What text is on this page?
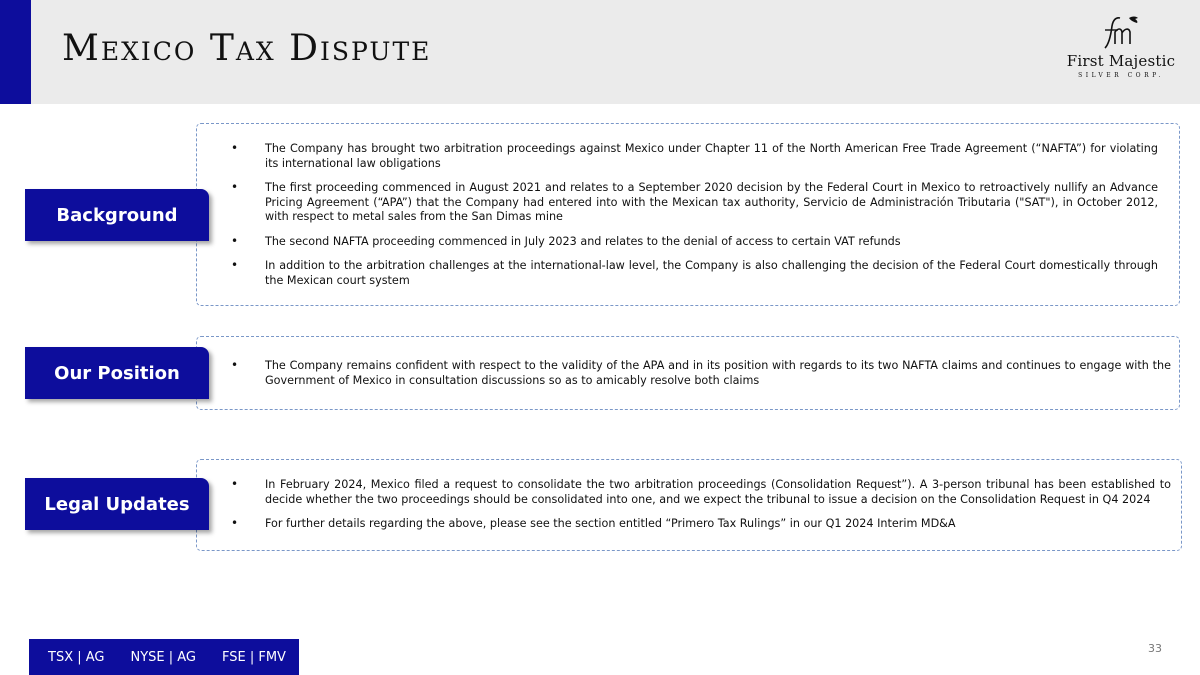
Mexico Tax Dispute	First Majestic
SILVER CORP.
• The Company has brought two arbitration proceedings against Mexico under Chapter 11 of the North American Free Trade Agreement (“NAFTA”) for violating its international law obligations
• The first proceeding commenced in August 2021 and relates to a September 2020 decision by the Federal Court in Mexico to retroactively nullify an Advance Pricing Agreement (“APA”) that the Company had entered into with the Mexican tax authority, Servicio de Administración Tributaria ("SAT"), in October 2012, with respect to metal sales from the San Dimas mine
• The second NAFTA proceeding commenced in July 2023 and relates to the denial of access to certain VAT refunds
• In addition to the arbitration challenges at the international-law level, the Company is also challenging the decision of the Federal Court domestically through the Mexican court system
Background
• The Company remains confident with respect to the validity of the APA and in its position with regards to its two NAFTA claims and continues to engage with the Government of Mexico in consultation discussions so as to amicably resolve both claims
Our Position
• In February 2024, Mexico filed a request to consolidate the two arbitration proceedings (Consolidation Request”). A 3-person tribunal has been established to decide whether the two proceedings should be consolidated into one, and we expect the tribunal to issue a decision on the Consolidation Request in Q4 2024
• For further details regarding the above, please see the section entitled “Primero Tax Rulings” in our Q1 2024 Interim MD&A
Legal Updates
TSX | AG NYSE | AG FSE | FMV
33
